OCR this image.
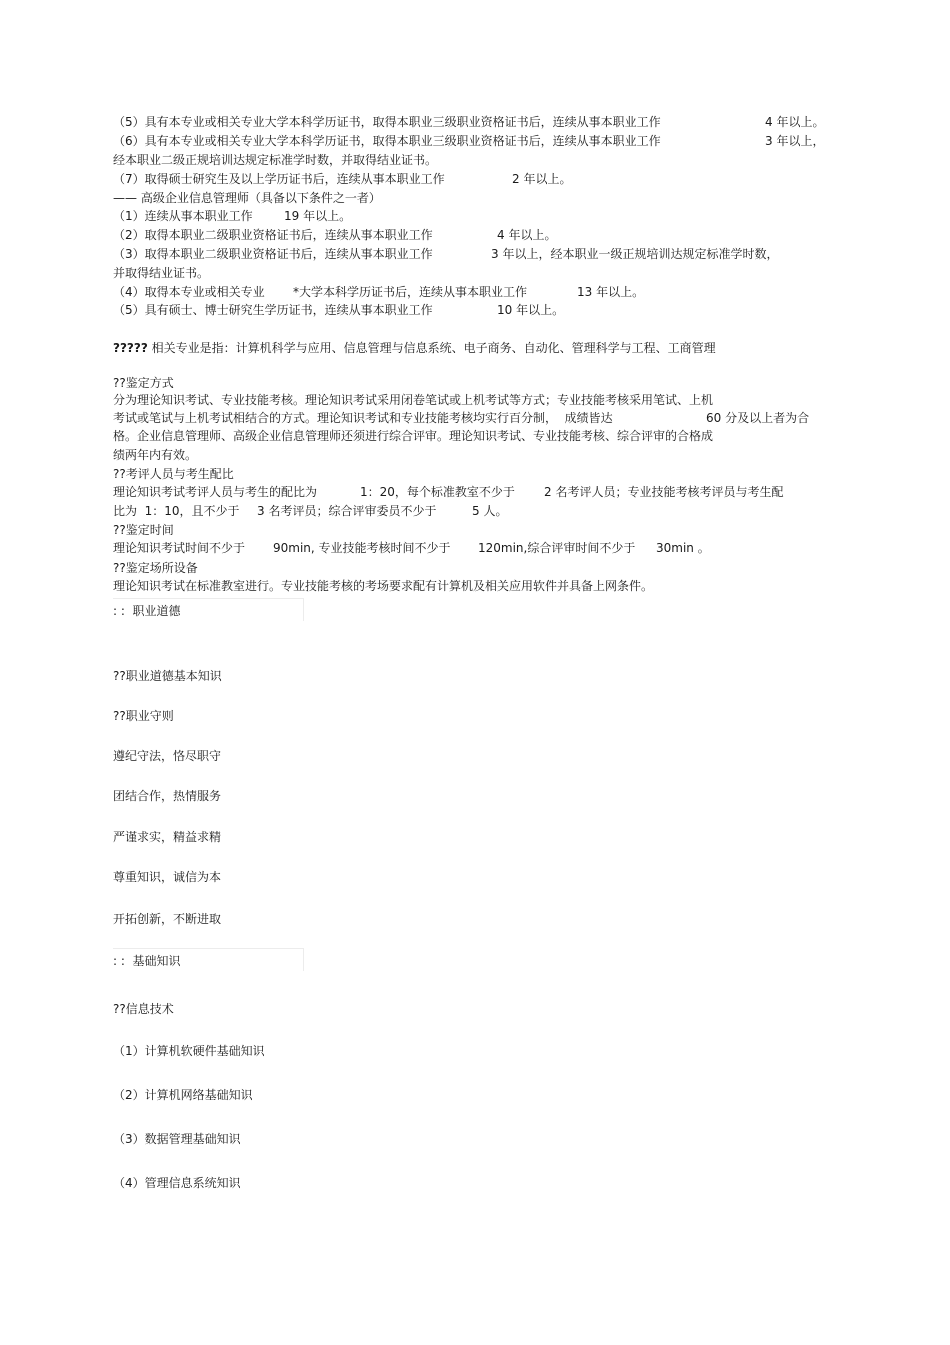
（5）具有本专业或相关专业大学本科学历证书，取得本职业三级职业资格证书后，连续从事本职业工作	4 年以上。
（6）具有本专业或相关专业大学本科学历证书，取得本职业三级职业资格证书后，连续从事本职业工作	3 年以上，
经本职业二级正规培训达规定标准学时数，并取得结业证书。
（7）取得硕士研究生及以上学历证书后，连续从事本职业工作	2 年以上。
—— 高级企业信息管理师（具备以下条件之一者）
（1）连续从事本职业工作	19 年以上。
（2）取得本职业二级职业资格证书后，连续从事本职业工作	4 年以上。
（3）取得本职业二级职业资格证书后，连续从事本职业工作	3 年以上，经本职业一级正规培训达规定标准学时数，
并取得结业证书。
（4）取得本专业或相关专业 *大学本科学历证书后，连续从事本职业工作	13 年以上。
（5）具有硕士、博士研究生学历证书，连续从事本职业工作	10 年以上。
????? 相关专业是指：计算机科学与应用、信息管理与信息系统、电子商务、自动化、管理科学与工程、工商管理
??鉴定方式
分为理论知识考试、专业技能考核。理论知识考试采用闭卷笔试或上机考试等方式；专业技能考核采用笔试、上机
考试或笔试与上机考试相结合的方式。理论知识考试和专业技能考核均实行百分制，  成绩皆达	60 分及以上者为合
格。企业信息管理师、高级企业信息管理师还须进行综合评审。理论知识考试、专业技能考核、综合评审的合格成
绩两年内有效。
??考评人员与考生配比
理论知识考试考评人员与考生的配比为	1：20，每个标准教室不少于 2 名考评人员；专业技能考核考评员与考生配
比为  1：10，且不少于 3 名考评员；综合评审委员不少于	5 人。
??鉴定时间
理论知识考试时间不少于 90min, 专业技能考核时间不少于 120min,综合评审时间不少于 30min 。
??鉴定场所设备
理论知识考试在标准教室进行。专业技能考核的考场要求配有计算机及相关应用软件并具备上网条件。
: :  职业道德
??职业道德基本知识
??职业守则
遵纪守法，恪尽职守
团结合作，热情服务
严谨求实，精益求精
尊重知识，诚信为本
开拓创新，不断进取
: :  基础知识
??信息技术
（1）计算机软硬件基础知识
（2）计算机网络基础知识
（3）数据管理基础知识
（4）管理信息系统知识
